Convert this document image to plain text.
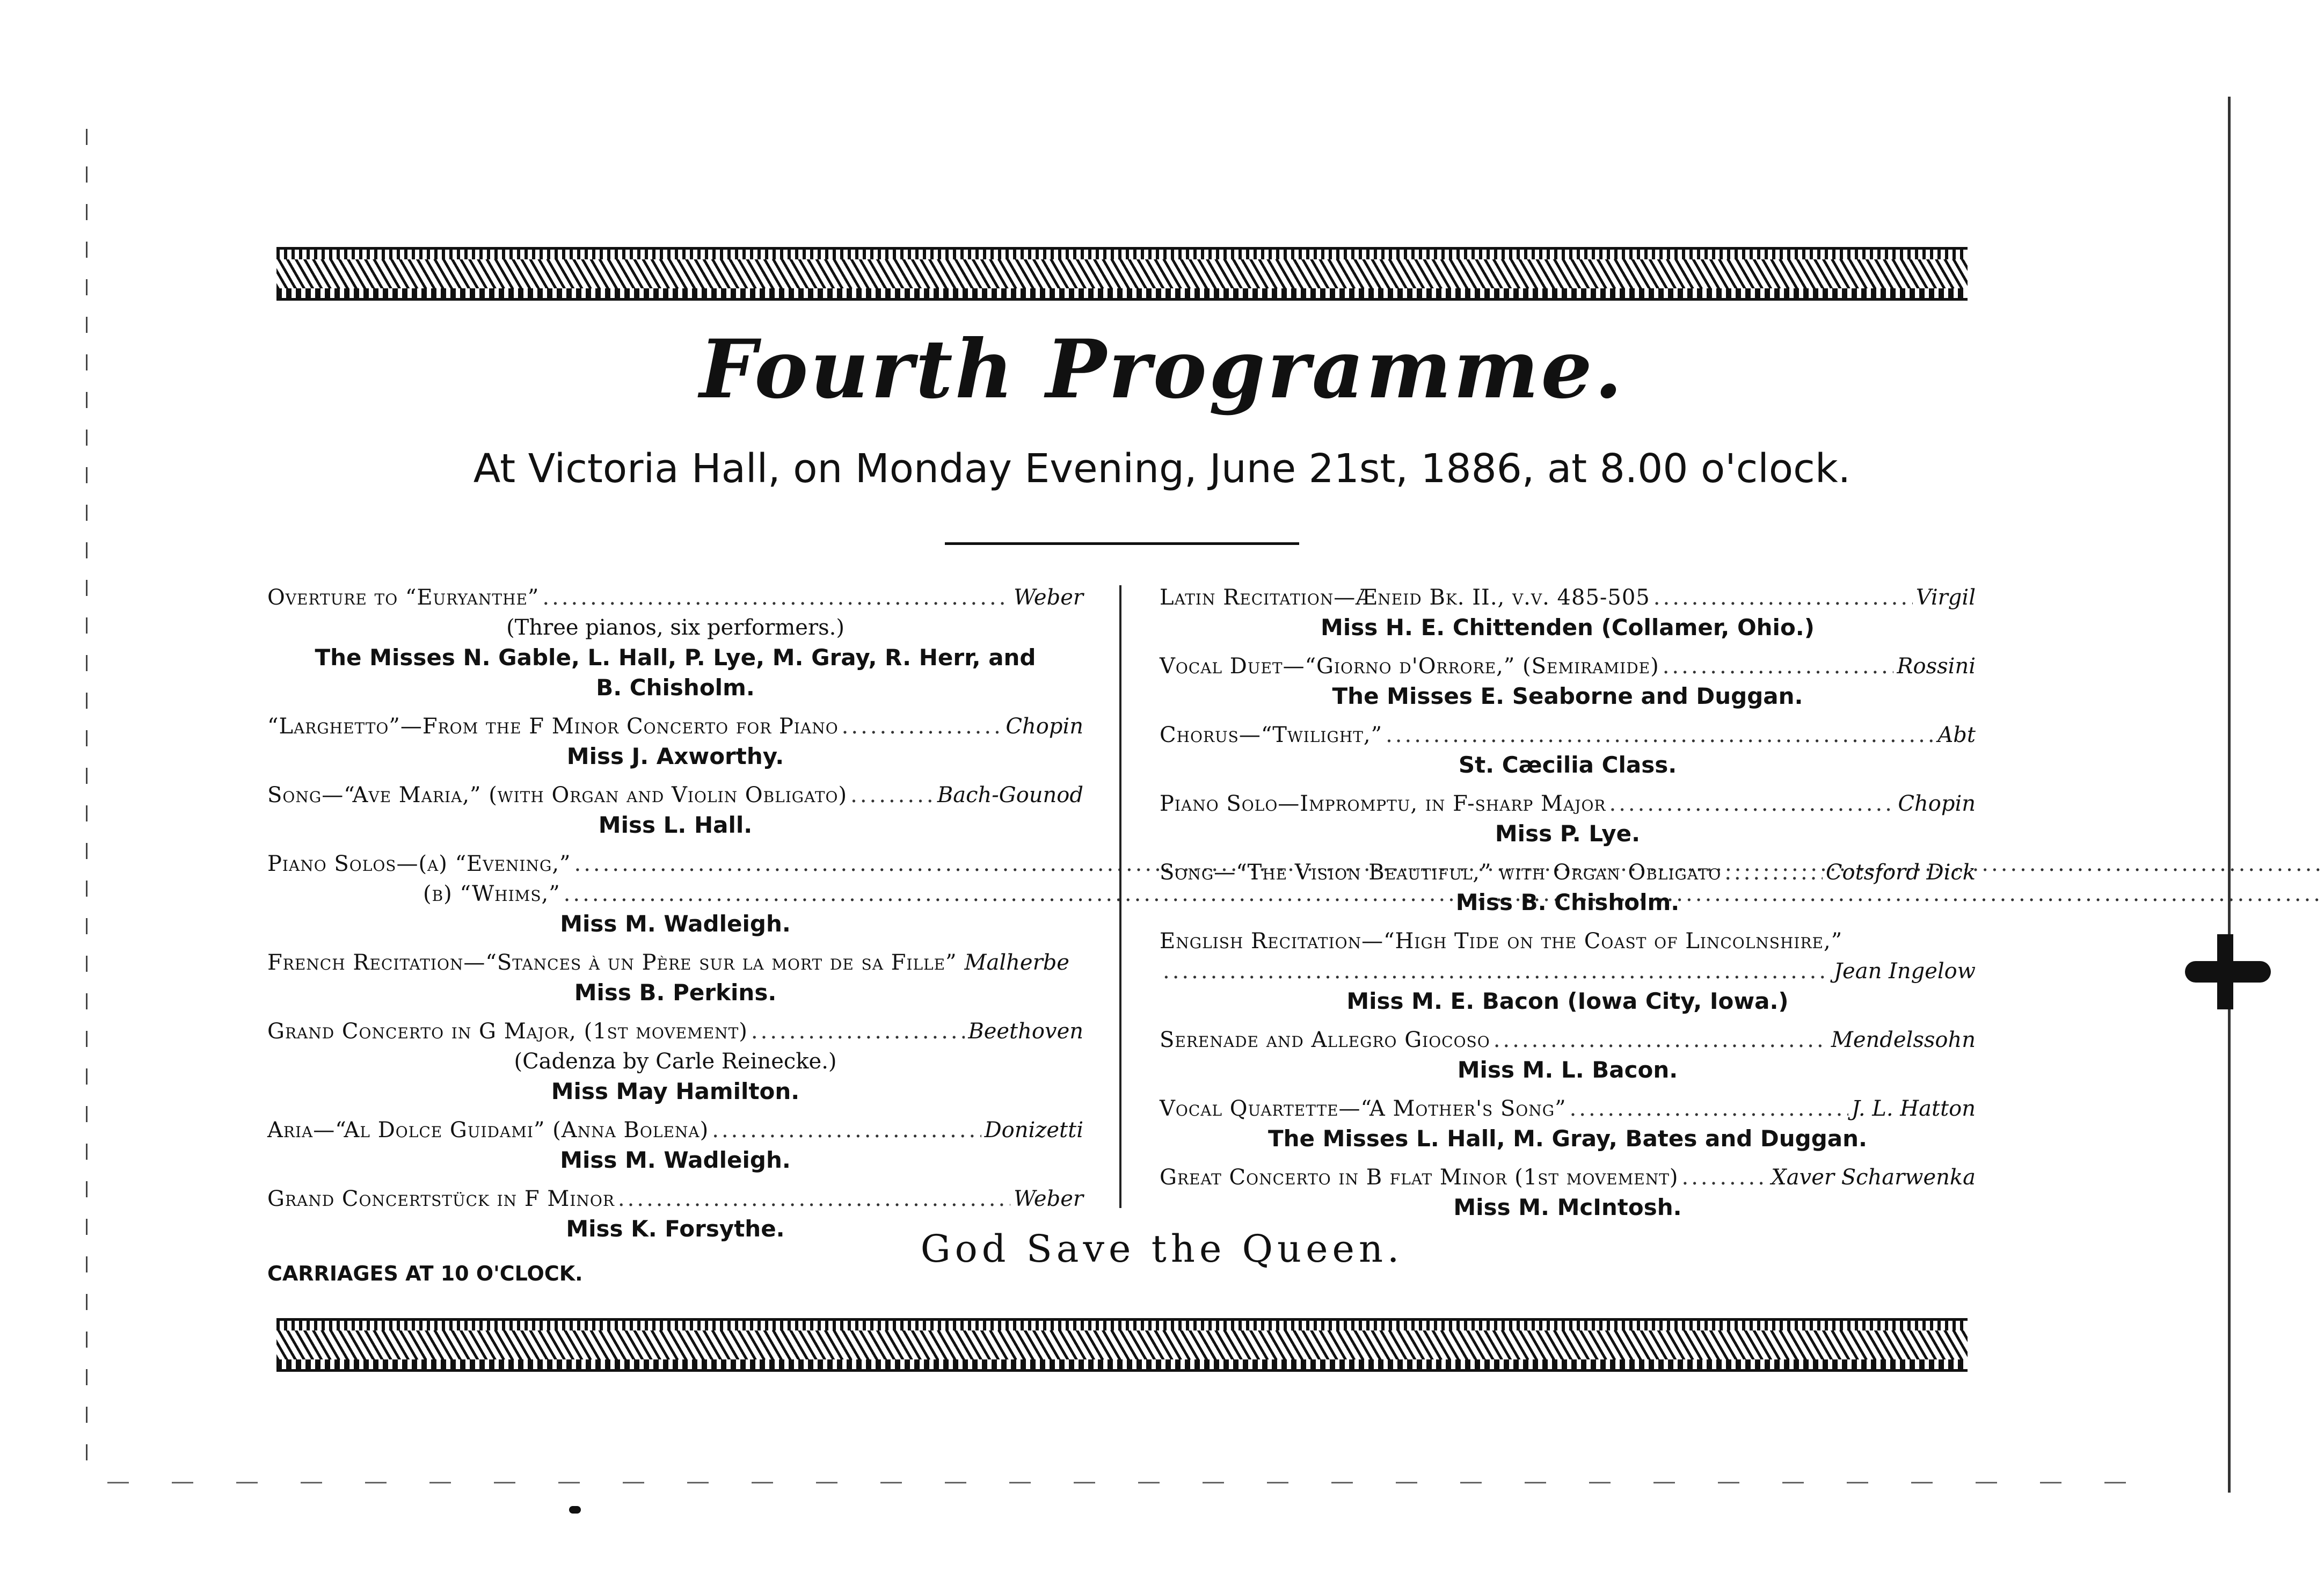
Fourth Programme.
At Victoria Hall, on Monday Evening, June 21st, 1886, at 8.00 o'clock.
Overture to “Euryanthe” .....	Weber
(Three pianos, six performers.)
The Misses N. Gable, L. Hall, P. Lye, M. Gray, R. Herr, and
B. Chisholm.
“Larghetto”—From the F Minor Concerto for Piano .....	Chopin
Miss J. Axworthy.
Song—“Ave Maria,” (with Organ and Violin Obligato) .....	Bach-Gounod
Miss L. Hall.
Piano Solos—(a) “Evening,”
.....
(b) “Whims,”
.....
Miss M. Wadleigh.
French Recitation—“Stances à un Père sur la mort de sa Fille” Malherbe
Miss B. Perkins.
Grand Concerto in G Major, (1st movement) .....	Beethoven
(Cadenza by Carle Reinecke.)
Miss May Hamilton.
Aria—“Al Dolce Guidami” (Anna Bolena) .....	Donizetti
Miss M. Wadleigh.
Grand Concertstück in F Minor .....	Weber
Miss K. Forsythe.
Latin Recitation—Æneid Bk. II., v.v. 485-505 .....	Virgil
Miss H. E. Chittenden (Collamer, Ohio.)
Vocal Duet—“Giorno d'Orrore,” (Semiramide) .....	Rossini
The Misses E. Seaborne and Duggan.
Chorus—“Twilight,” .....	Abt
St. Cæcilia Class.
Piano Solo—Impromptu, in F-sharp Major .....	Chopin
Miss P. Lye.
Song—“The Vision Beautiful,” with Organ Obligato .....	Cotsford Dick
Miss B. Chisholm.
English Recitation—“High Tide on the Coast of Lincolnshire,”
.....
Jean Ingelow
Miss M. E. Bacon (Iowa City, Iowa.)
Serenade and Allegro Giocoso .....	Mendelssohn
Miss M. L. Bacon.
Vocal Quartette—“A Mother's Song” .....	J. L. Hatton
The Misses L. Hall, M. Gray, Bates and Duggan.
Great Concerto in B flat Minor (1st movement) .....	Xaver Scharwenka
Miss M. McIntosh.
God Save the Queen.
CARRIAGES AT 10 O'CLOCK.
